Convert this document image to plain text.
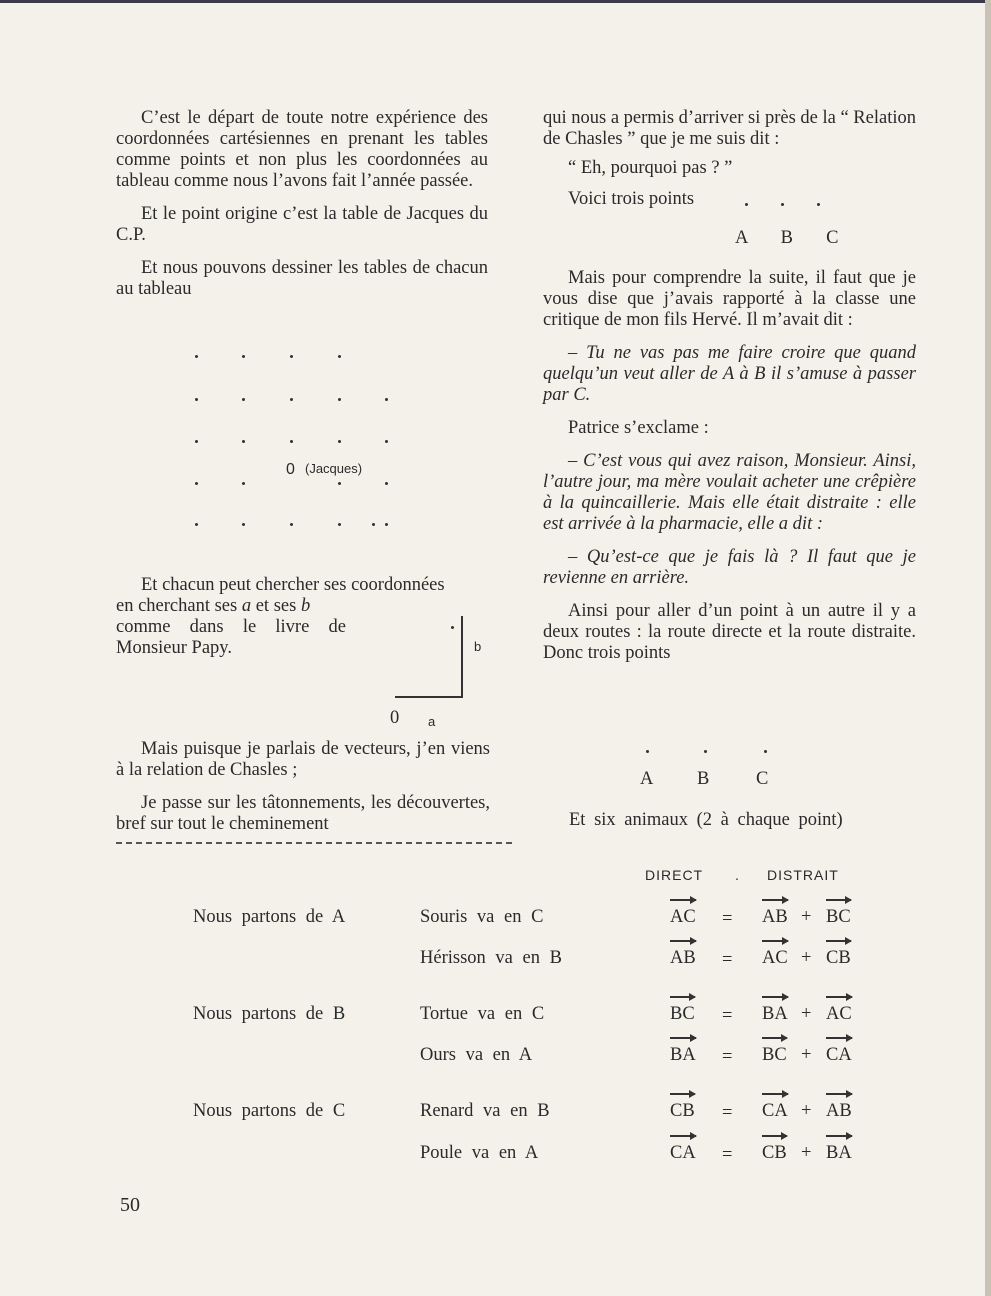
C’est le départ de toute notre expérience des coordonnées cartésiennes en prenant les tables comme points et non plus les coordonnées au tableau comme nous l’avons fait l’année passée.

Et le point origine c’est la table de Jacques du C.P.

Et nous pouvons dessiner les tables de chacun au tableau

0 (Jacques)
Et chacun peut chercher ses coordonnées
en cherchant ses a et ses b
comme dans le livre de
Monsieur Papy.	b
0 a

Mais puisque je parlais de vecteurs, j’en viens à la relation de Chasles ;

Je passe sur les tâtonnements, les découvertes, bref sur tout le cheminement

qui nous a permis d’arriver si près de la “ Relation de Chasles ” que je me suis dit :

“ Eh, pourquoi pas ? ”

Voici trois points

A  B  C

Mais pour comprendre la suite, il faut que je vous dise que j’avais rapporté à la classe une critique de mon fils Hervé. Il m’avait dit :

– Tu ne vas pas me faire croire que quand quelqu’un veut aller de A à B il s’amuse à passer par C.

Patrice s’exclame :

– C’est vous qui avez raison, Monsieur. Ainsi, l’autre jour, ma mère voulait acheter une crêpière à la quincaillerie. Mais elle était distraite : elle est arrivée à la pharmacie, elle a dit :

– Qu’est-ce que je fais là ? Il faut que je revienne en arrière.

Ainsi pour aller d’un point à un autre il y a deux routes : la route directe et la route distraite. Donc trois points

A B	C
Et six animaux (2 à chaque point)
DIRECT . DISTRAIT
Nous partons de A	Souris va en C	AC = AB + BC
Hérisson va en B	AB = AC + CB
Nous partons de B	Tortue va en C	BC = BA + AC
Ours va en A	BA = BC + CA
Nous partons de C	Renard va en B	CB = CA + AB
Poule va en A	CA = CB + BA
50
